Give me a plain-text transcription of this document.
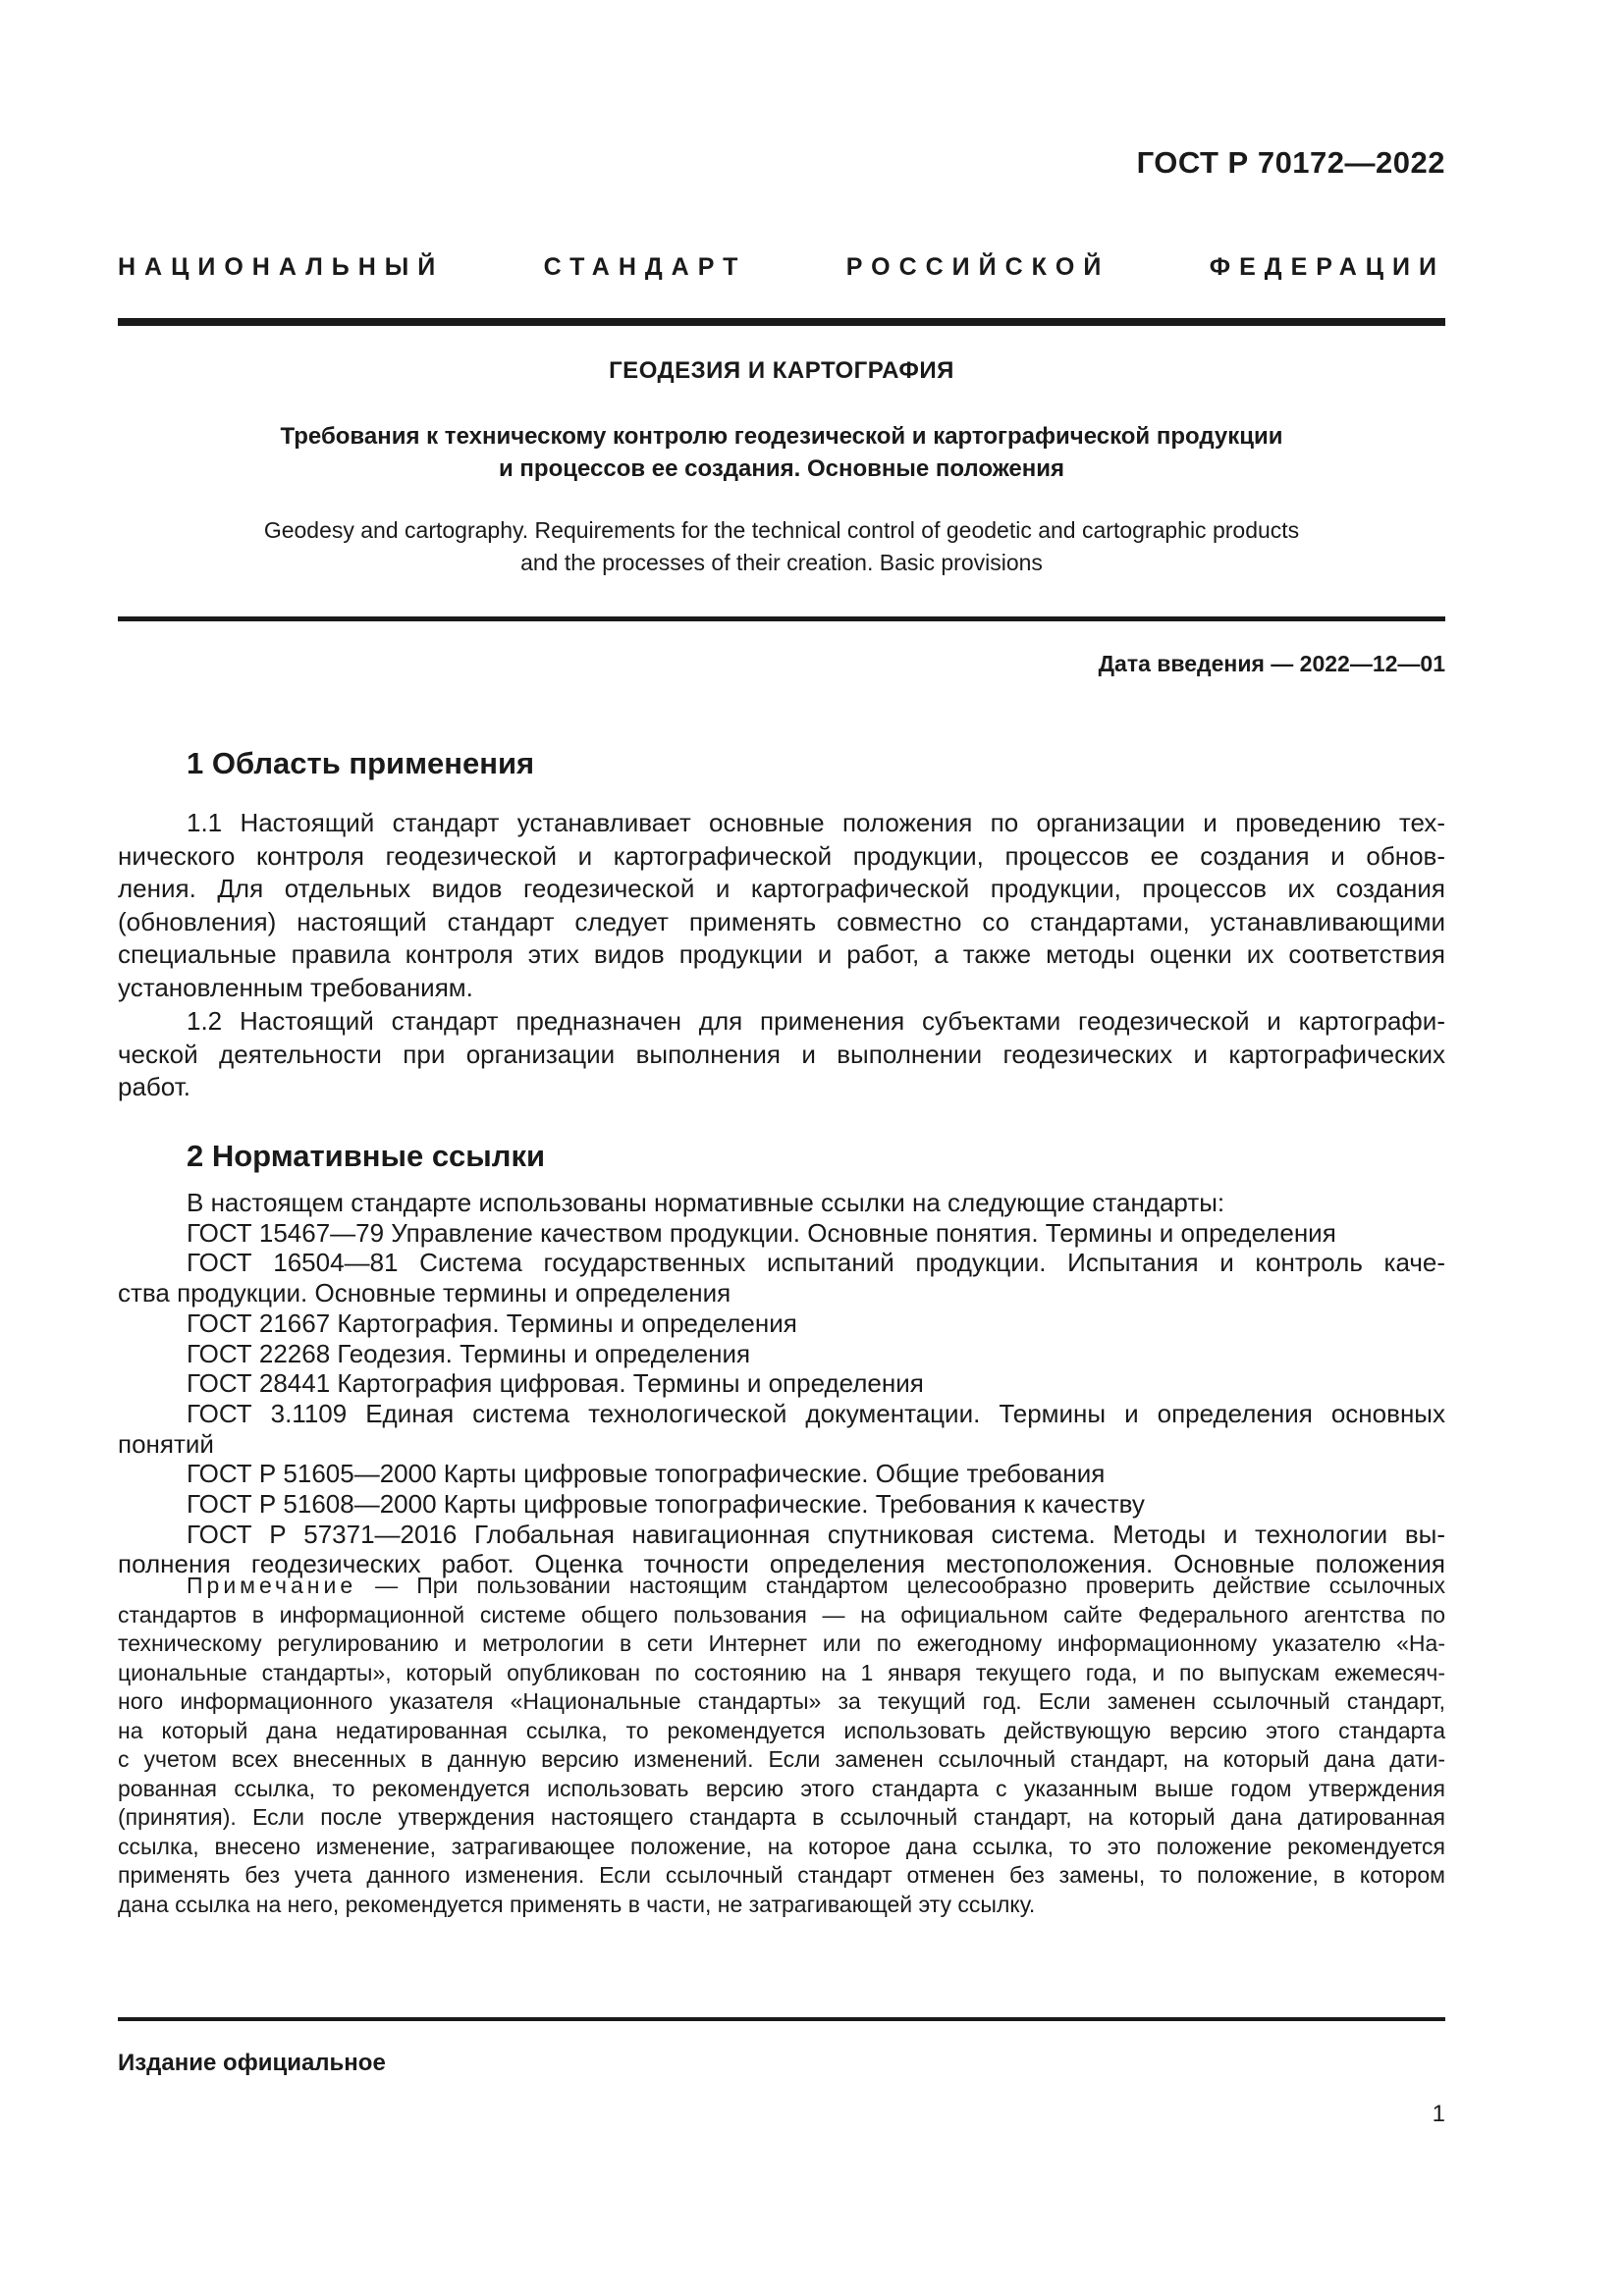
ГОСТ Р 70172—2022
НАЦИОНАЛЬНЫЙ СТАНДАРТ РОССИЙСКОЙ ФЕДЕРАЦИИ
ГЕОДЕЗИЯ И КАРТОГРАФИЯ
Требования к техническому контролю геодезической и картографической продукции
и процессов ее создания. Основные положения
Geodesy and cartography. Requirements for the technical control of geodetic and cartographic products
and the processes of their creation. Basic provisions
Дата введения — 2022—12—01
1 Область применения
1.1 Настоящий стандарт устанавливает основные положения по организации и проведению тех-
нического контроля геодезической и картографической продукции, процессов ее создания и обнов-
ления. Для отдельных видов геодезической и картографической продукции, процессов их создания
(обновления) настоящий стандарт следует применять совместно со стандартами, устанавливающими
специальные правила контроля этих видов продукции и работ, а также методы оценки их соответствия
установленным требованиям.
1.2 Настоящий стандарт предназначен для применения субъектами геодезической и картографи-
ческой деятельности при организации выполнения и выполнении геодезических и картографических
работ.
2 Нормативные ссылки
В настоящем стандарте использованы нормативные ссылки на следующие стандарты:
ГОСТ 15467—79 Управление качеством продукции. Основные понятия. Термины и определения
ГОСТ 16504—81 Система государственных испытаний продукции. Испытания и контроль каче-
ства продукции. Основные термины и определения
ГОСТ 21667 Картография. Термины и определения
ГОСТ 22268 Геодезия. Термины и определения
ГОСТ 28441 Картография цифровая. Термины и определения
ГОСТ 3.1109 Единая система технологической документации. Термины и определения основных
понятий
ГОСТ Р 51605—2000 Карты цифровые топографические. Общие требования
ГОСТ Р 51608—2000 Карты цифровые топографические. Требования к качеству
ГОСТ Р 57371—2016 Глобальная навигационная спутниковая система. Методы и технологии вы-
полнения геодезических работ. Оценка точности определения местоположения. Основные положения
Примечание — При пользовании настоящим стандартом целесообразно проверить действие ссылочных
стандартов в информационной системе общего пользования — на официальном сайте Федерального агентства по
техническому регулированию и метрологии в сети Интернет или по ежегодному информационному указателю «На-
циональные стандарты», который опубликован по состоянию на 1 января текущего года, и по выпускам ежемесяч-
ного информационного указателя «Национальные стандарты» за текущий год. Если заменен ссылочный стандарт,
на который дана недатированная ссылка, то рекомендуется использовать действующую версию этого стандарта
с учетом всех внесенных в данную версию изменений. Если заменен ссылочный стандарт, на который дана дати-
рованная ссылка, то рекомендуется использовать версию этого стандарта с указанным выше годом утверждения
(принятия). Если после утверждения настоящего стандарта в ссылочный стандарт, на который дана датированная
ссылка, внесено изменение, затрагивающее положение, на которое дана ссылка, то это положение рекомендуется
применять без учета данного изменения. Если ссылочный стандарт отменен без замены, то положение, в котором
дана ссылка на него, рекомендуется применять в части, не затрагивающей эту ссылку.
Издание официальное
1
